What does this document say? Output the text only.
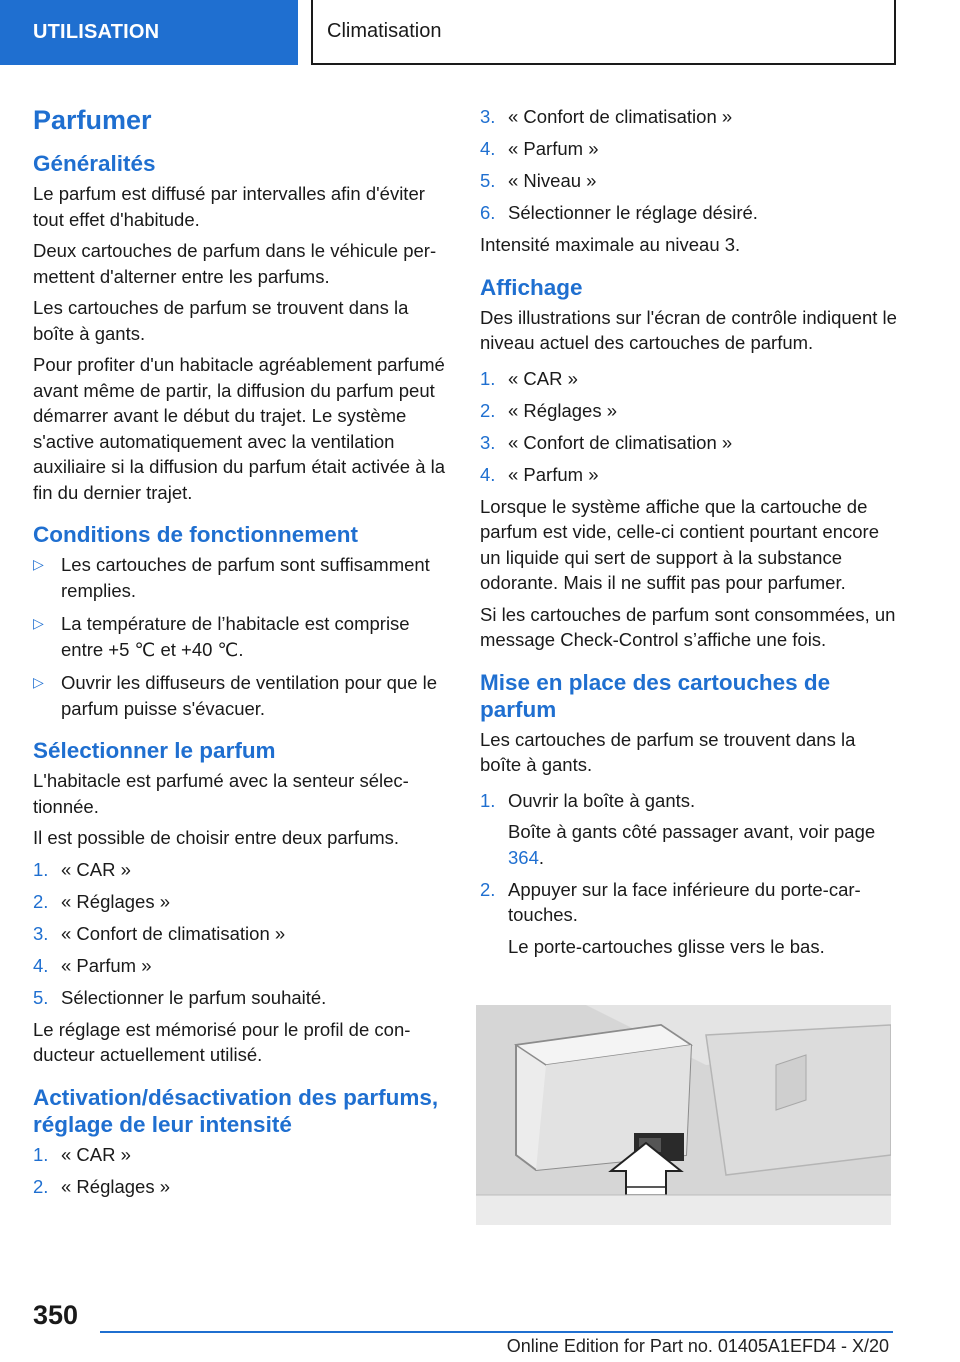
UTILISATION	Climatisation
Parfumer
Généralités

Le parfum est diffusé par intervalles afin d'éviter tout effet d'habitude.

Deux cartouches de parfum dans le véhicule permettent d'alterner entre les parfums.

Les cartouches de parfum se trouvent dans la boîte à gants.

Pour profiter d'un habitacle agréablement parfumé avant même de partir, la diffusion du parfum peut démarrer avant le début du trajet. Le système s'active automatiquement avec la ventilation auxiliaire si la diffusion du parfum était activée à la fin du dernier trajet.

Conditions de fonctionnement
▷ Les cartouches de parfum sont suffisamment remplies.
▷ La température de l’habitacle est comprise entre +5 ℃ et +40 ℃.
▷ Ouvrir les diffuseurs de ventilation pour que le parfum puisse s'évacuer.
Sélectionner le parfum

L'habitacle est parfumé avec la senteur sélectionnée.

Il est possible de choisir entre deux parfums.

1. « CAR »
2. « Réglages »
3. « Confort de climatisation »
4. « Parfum »
5. Sélectionner le parfum souhaité.

Le réglage est mémorisé pour le profil de conducteur actuellement utilisé.

Activation/désactivation des parfums, réglage de leur intensité
1. « CAR »
2. « Réglages »
3. « Confort de climatisation »
4. « Parfum »
5. « Niveau »
6. Sélectionner le réglage désiré.

Intensité maximale au niveau 3.

Affichage

Des illustrations sur l'écran de contrôle indiquent le niveau actuel des cartouches de parfum.

1. « CAR »
2. « Réglages »
3. « Confort de climatisation »
4. « Parfum »

Lorsque le système affiche que la cartouche de parfum est vide, celle-ci contient pourtant encore un liquide qui sert de support à la substance odorante. Mais il ne suffit pas pour parfumer.

Si les cartouches de parfum sont consommées, un message Check-Control s’affiche une fois.

Mise en place des cartouches de parfum

Les cartouches de parfum se trouvent dans la boîte à gants.

1. Ouvrir la boîte à gants.
Boîte à gants côté passager avant, voir page 364.
2. Appuyer sur la face inférieure du porte-cartouches.
Le porte-cartouches glisse vers le bas.
350
Online Edition for Part no. 01405A1EFD4 - X/20
